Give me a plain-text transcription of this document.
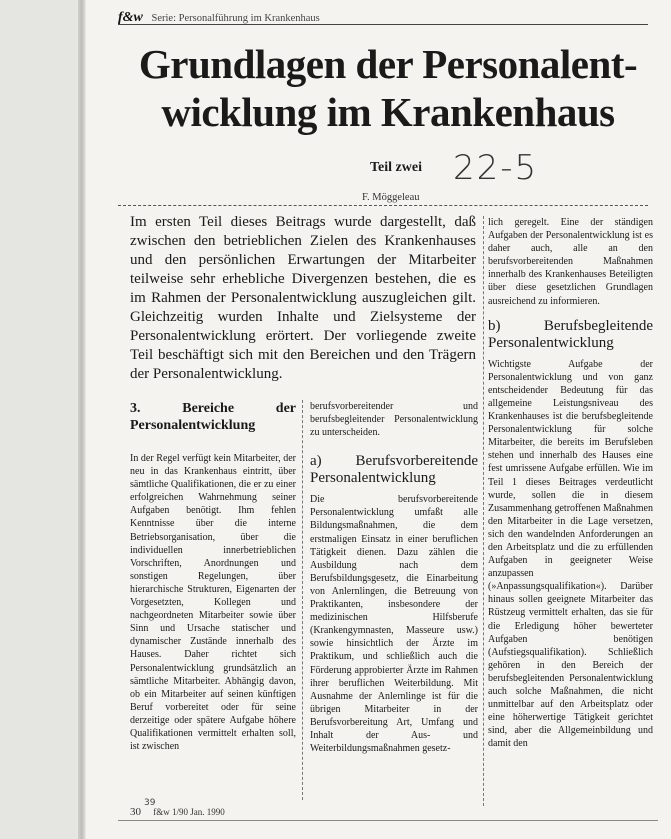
f&w Serie: Personalführung im Krankenhaus
Grundlagen der Personalent-wicklung im Krankenhaus
Teil zwei 22-5
F. Möggeleau

Im ersten Teil dieses Beitrags wurde dargestellt, daß zwischen den betrieblichen Zielen des Krankenhauses und den persönlichen Erwartungen der Mitarbeiter teilweise sehr erhebliche Divergenzen bestehen, die es im Rahmen der Personalentwicklung auszugleichen gilt. Gleichzeitig wurden Inhalte und Zielsysteme der Personalentwicklung erörtert. Der vorliegende zweite Teil beschäftigt sich mit den Bereichen und den Trägern der Personalentwicklung.

3. Bereiche der Personalentwicklung

In der Regel verfügt kein Mitarbeiter, der neu in das Krankenhaus eintritt, über sämtliche Qualifikationen, die er zu einer erfolgreichen Wahrnehmung seiner Aufgaben benötigt. Ihm fehlen Kenntnisse über die interne Betriebsorganisation, über die individuellen innerbetrieblichen Vorschriften, Anordnungen und sonstigen Regelungen, über hierarchische Strukturen, Eigenarten der Vorgesetzten, Kollegen und nachgeordneten Mitarbeiter sowie über Sinn und Ursache statischer und dynamischer Zustände innerhalb des Hauses. Daher richtet sich Personalentwicklung grundsätzlich an sämtliche Mitarbeiter. Abhängig davon, ob ein Mitarbeiter auf seinen künftigen Beruf vorbereitet oder für seine derzeitige oder spätere Aufgabe höhere Qualifikationen vermittelt erhalten soll, ist zwischen

berufsvorbereitender und berufsbegleitender Personalentwicklung zu unterscheiden.

a) Berufsvorbereitende Personalentwicklung

Die berufsvorbereitende Personalentwicklung umfaßt alle Bildungsmaßnahmen, die dem erstmaligen Einsatz in einer beruflichen Tätigkeit dienen. Dazu zählen die Ausbildung nach dem Berufsbildungsgesetz, die Einarbeitung von Anlernlingen, die Betreuung von Praktikanten, insbesondere der medizinischen Hilfsberufe (Krankengymnasten, Masseure usw.) sowie hinsichtlich der Ärzte im Praktikum, und schließlich auch die Förderung approbierter Ärzte im Rahmen ihrer beruflichen Weiterbildung. Mit Ausnahme der Anlernlinge ist für die übrigen Mitarbeiter in der Berufsvorbereitung Art, Umfang und Inhalt der Aus- und Weiterbildungsmaßnahmen gesetz-

lich geregelt. Eine der ständigen Aufgaben der Personalentwicklung ist es daher auch, alle an den berufsvorbereitenden Maßnahmen innerhalb des Krankenhauses Beteiligten über diese gesetzlichen Grundlagen ausreichend zu informieren.

b) Berufsbegleitende Personalentwicklung

Wichtigste Aufgabe der Personalentwicklung und von ganz entscheidender Bedeutung für das allgemeine Leistungsniveau des Krankenhauses ist die berufsbegleitende Personalentwicklung für solche Mitarbeiter, die bereits im Berufsleben stehen und innerhalb des Hauses eine fest umrissene Aufgabe erfüllen. Wie im Teil 1 dieses Beitrages verdeutlicht wurde, sollen die in diesem Zusammenhang getroffenen Maßnahmen den Mitarbeiter in die Lage versetzen, sich den wandelnden Anforderungen an den Arbeitsplatz und die zu erfüllenden Aufgaben in geeigneter Weise anzupassen (»Anpassungsqualifikation«). Darüber hinaus sollen geeignete Mitarbeiter das Rüstzeug vermittelt erhalten, das sie für die Erledigung höher bewerteter Aufgaben benötigen (Aufstiegsqualifikation). Schließlich gehören in den Bereich der berufsbegleitenden Personalentwicklung auch solche Maßnahmen, die nicht unmittelbar auf den Arbeitsplatz oder eine höherwertige Tätigkeit gerichtet sind, aber die Allgemeinbildung und damit den

30
39
f&w 1/90 Jan. 1990
